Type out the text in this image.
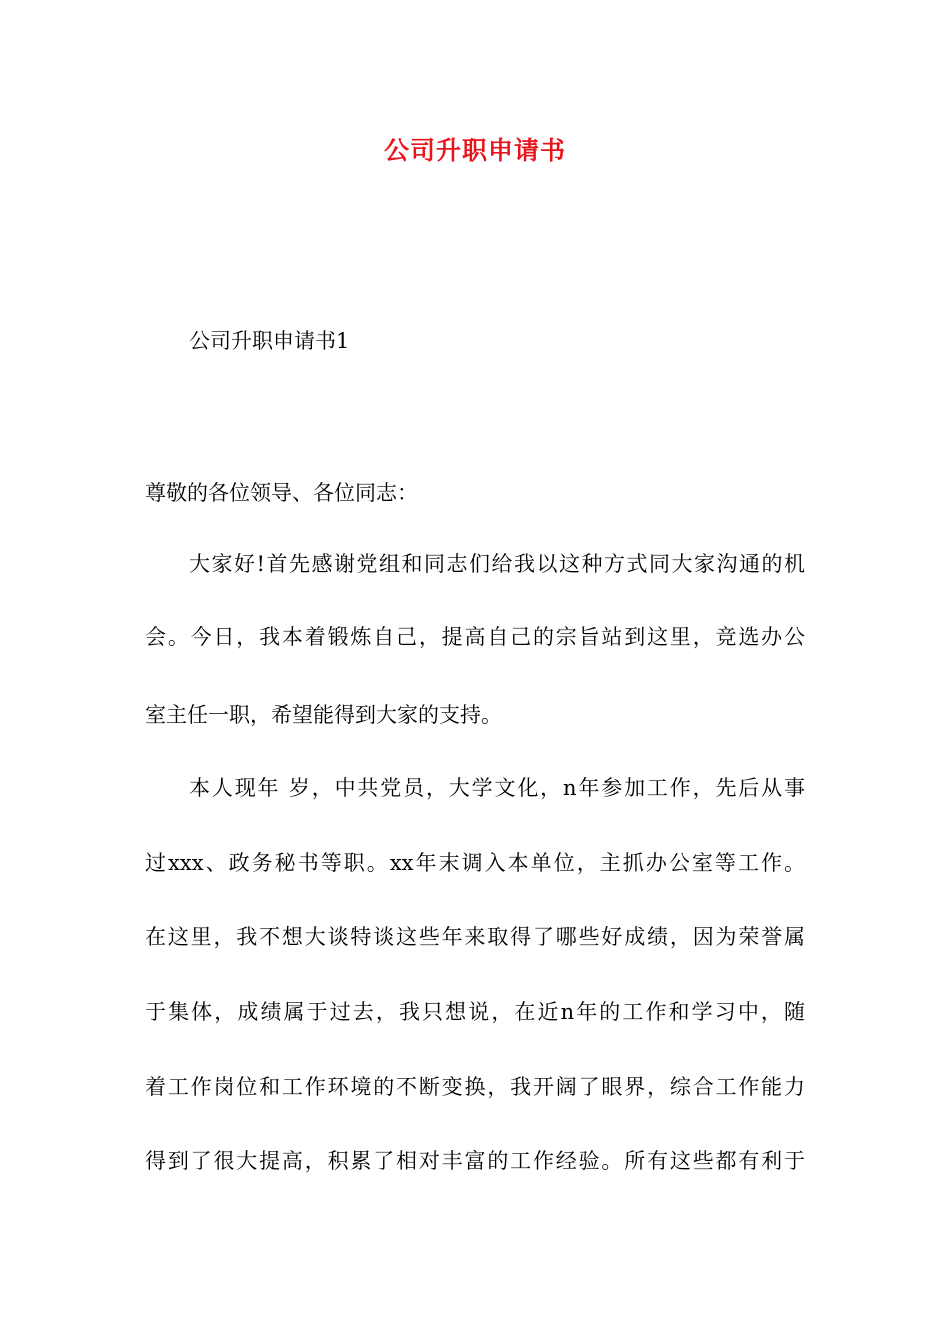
公司升职申请书
公司升职申请书1
尊敬的各位领导、各位同志：
大家好!首先感谢党组和同志们给我以这种方式同大家沟通的机
会。今日，我本着锻炼自己，提高自己的宗旨站到这里，竞选办公
室主任一职，希望能得到大家的支持。
本人现年 岁，中共党员，大学文化，n年参加工作，先后从事
过xxx、政务秘书等职。xx年末调入本单位，主抓办公室等工作。
在这里，我不想大谈特谈这些年来取得了哪些好成绩，因为荣誉属
于集体，成绩属于过去，我只想说，在近n年的工作和学习中，随
着工作岗位和工作环境的不断变换，我开阔了眼界，综合工作能力
得到了很大提高，积累了相对丰富的工作经验。所有这些都有利于
